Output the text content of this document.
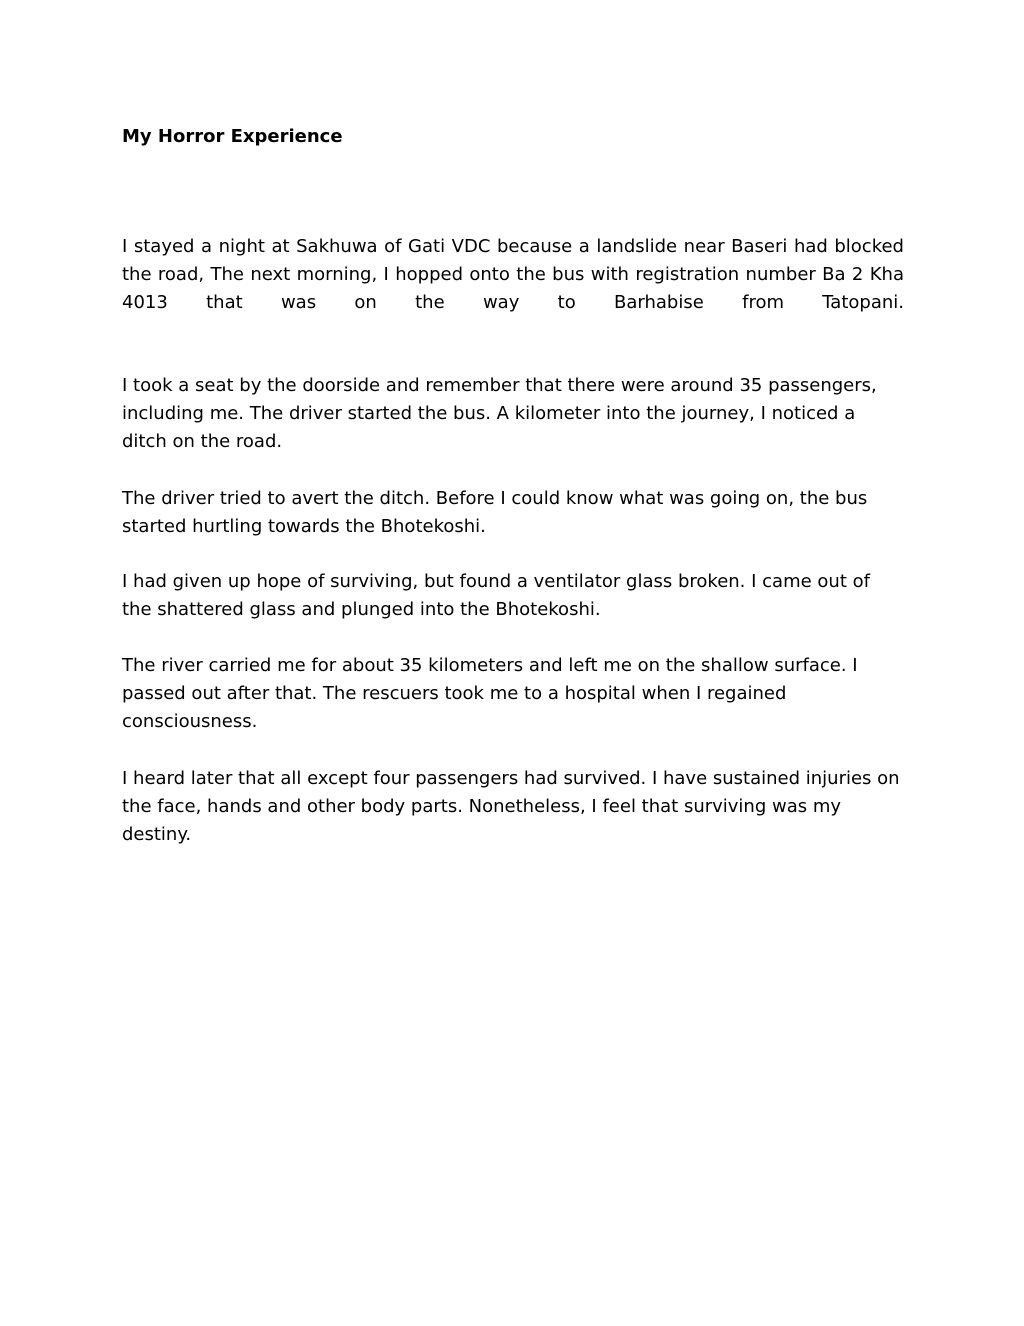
My Horror Experience

I stayed a night at Sakhuwa of Gati VDC because a landslide near Baseri had blocked the road, The next morning, I hopped onto the bus with registration number Ba 2 Kha 4013 that was on the way to Barhabise from Tatopani.

I took a seat by the doorside and remember that there were around 35 passengers, including me. The driver started the bus. A kilometer into the journey, I noticed a ditch on the road.

The driver tried to avert the ditch. Before I could know what was going on, the bus started hurtling towards the Bhotekoshi.

I had given up hope of surviving, but found a ventilator glass broken. I came out of the shattered glass and plunged into the Bhotekoshi.

The river carried me for about 35 kilometers and left me on the shallow surface. I passed out after that. The rescuers took me to a hospital when I regained consciousness.

I heard later that all except four passengers had survived. I have sustained injuries on the face, hands and other body parts. Nonetheless, I feel that surviving was my destiny.
